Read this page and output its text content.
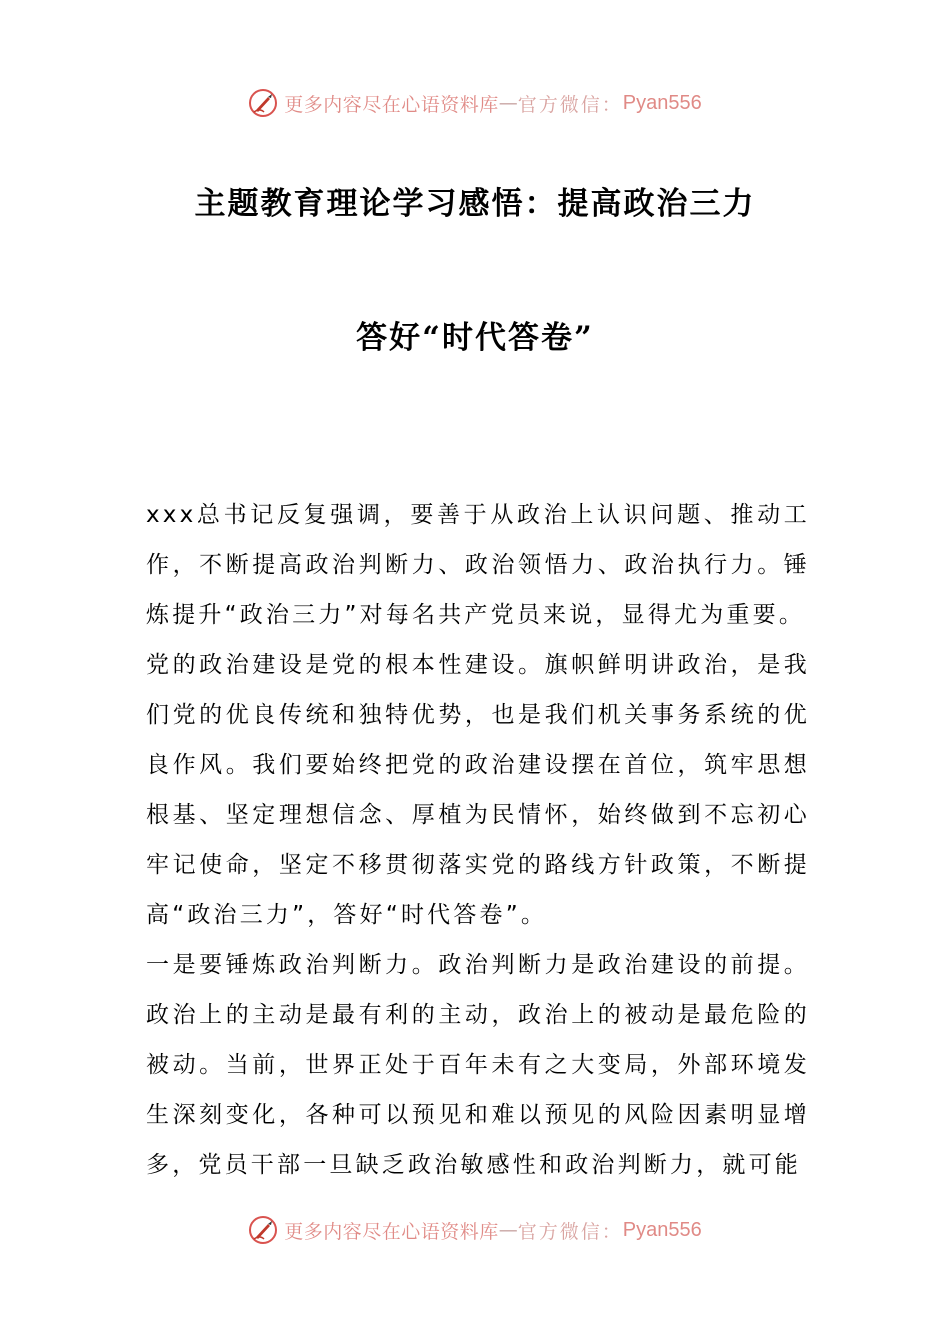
更多内容尽在心语资料库 — 官方微信： Pyan556
主题教育理论学习感悟：提高政治三力
答好“时代答卷”

xxx总书记反复强调，要善于从政治上认识问题、推动工作，不断提高政治判断力、政治领悟力、政治执行力。锤炼提升“政治三力”对每名共产党员来说，显得尤为重要。

党的政治建设是党的根本性建设。旗帜鲜明讲政治，是我们党的优良传统和独特优势，也是我们机关事务系统的优良作风。我们要始终把党的政治建设摆在首位，筑牢思想根基、坚定理想信念、厚植为民情怀，始终做到不忘初心牢记使命，坚定不移贯彻落实党的路线方针政策，不断提高“政治三力”，答好“时代答卷”。

一是要锤炼政治判断力。政治判断力是政治建设的前提。政治上的主动是最有利的主动，政治上的被动是最危险的被动。当前，世界正处于百年未有之大变局，外部环境发生深刻变化，各种可以预见和难以预见的风险因素明显增多，党员干部一旦缺乏政治敏感性和政治判断力，就可能

更多内容尽在心语资料库 — 官方微信： Pyan556
